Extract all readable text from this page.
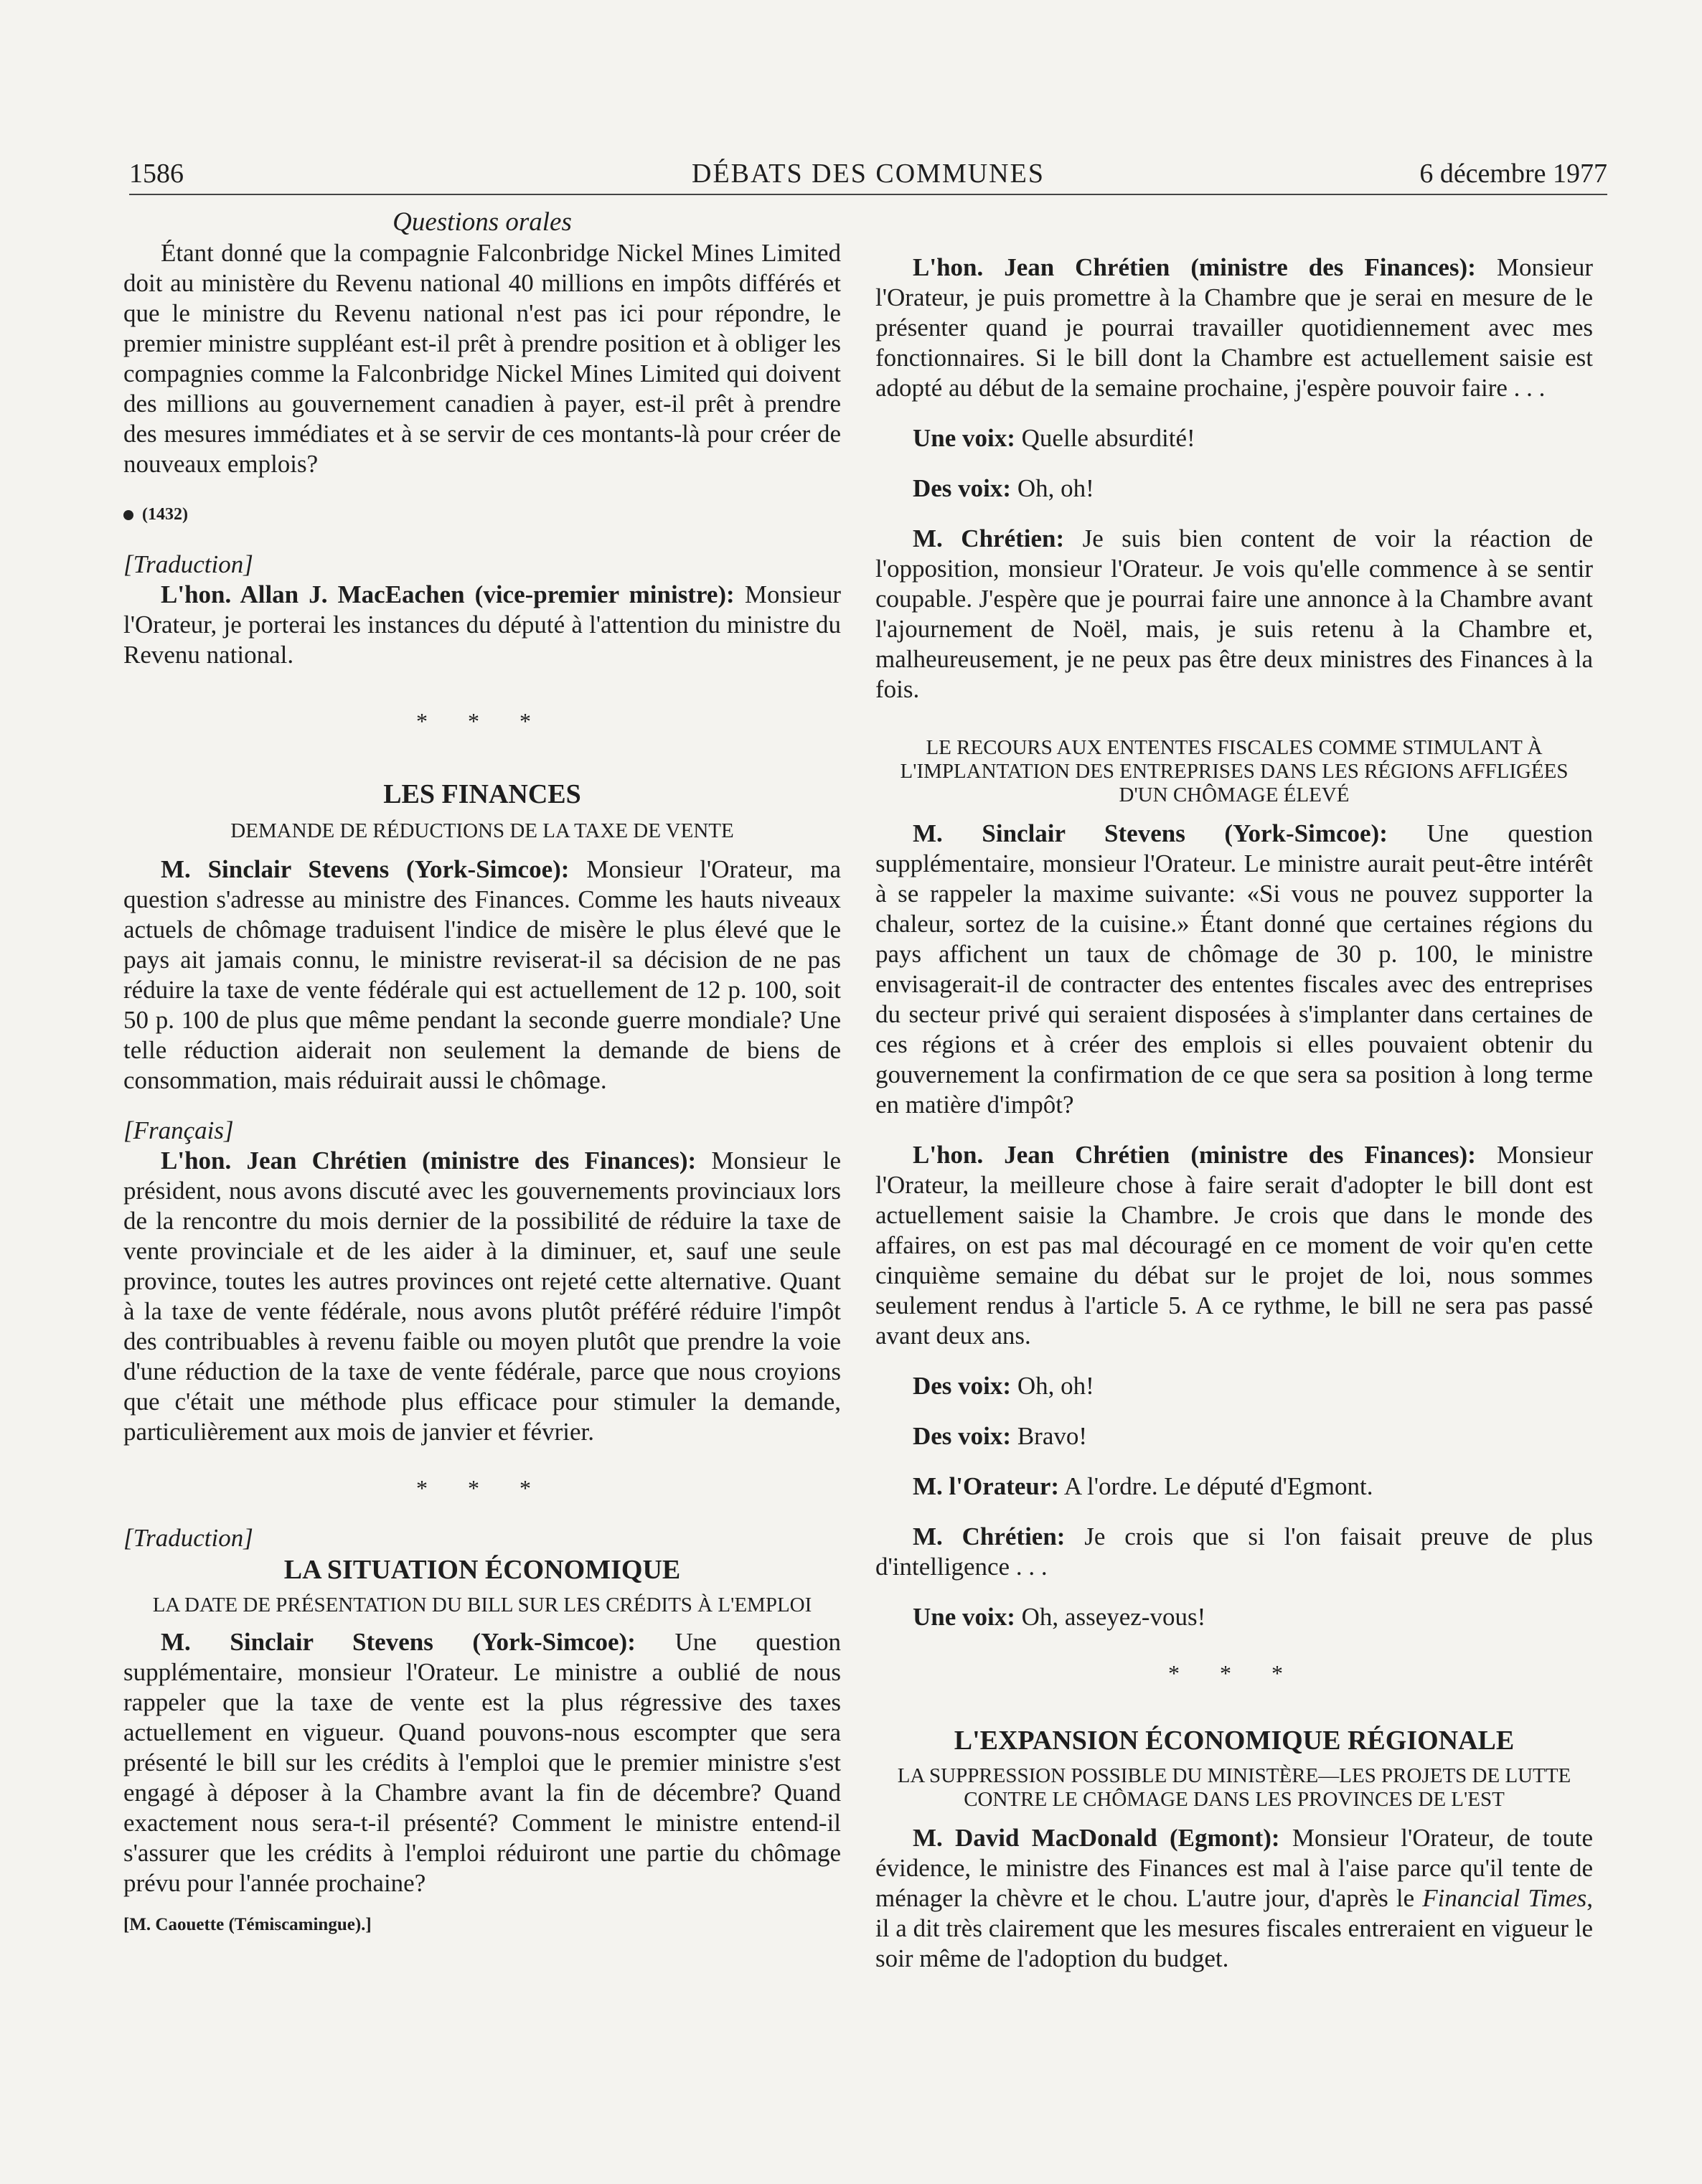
1586	DÉBATS DES COMMUNES	6 décembre 1977

Questions orales

Étant donné que la compagnie Falconbridge Nickel Mines Limited doit au ministère du Revenu national 40 millions en impôts différés et que le ministre du Revenu national n'est pas ici pour répondre, le premier ministre suppléant est-il prêt à prendre position et à obliger les compagnies comme la Falconbridge Nickel Mines Limited qui doivent des millions au gouvernement canadien à payer, est-il prêt à prendre des mesures immédiates et à se servir de ces montants-là pour créer de nouveaux emplois?

(1432)

[Traduction]

L'hon. Allan J. MacEachen (vice-premier ministre): Monsieur l'Orateur, je porterai les instances du député à l'attention du ministre du Revenu national.

* * *

LES FINANCES

DEMANDE DE RÉDUCTIONS DE LA TAXE DE VENTE

M. Sinclair Stevens (York-Simcoe): Monsieur l'Orateur, ma question s'adresse au ministre des Finances. Comme les hauts niveaux actuels de chômage traduisent l'indice de misère le plus élevé que le pays ait jamais connu, le ministre reviserat-il sa décision de ne pas réduire la taxe de vente fédérale qui est actuellement de 12 p. 100, soit 50 p. 100 de plus que même pendant la seconde guerre mondiale? Une telle réduction aiderait non seulement la demande de biens de consommation, mais réduirait aussi le chômage.

[Français]

L'hon. Jean Chrétien (ministre des Finances): Monsieur le président, nous avons discuté avec les gouvernements provinciaux lors de la rencontre du mois dernier de la possibilité de réduire la taxe de vente provinciale et de les aider à la diminuer, et, sauf une seule province, toutes les autres provinces ont rejeté cette alternative. Quant à la taxe de vente fédérale, nous avons plutôt préféré réduire l'impôt des contribuables à revenu faible ou moyen plutôt que prendre la voie d'une réduction de la taxe de vente fédérale, parce que nous croyions que c'était une méthode plus efficace pour stimuler la demande, particulièrement aux mois de janvier et février.

* * *

[Traduction]

LA SITUATION ÉCONOMIQUE

LA DATE DE PRÉSENTATION DU BILL SUR LES CRÉDITS À L'EMPLOI

M. Sinclair Stevens (York-Simcoe): Une question supplémentaire, monsieur l'Orateur. Le ministre a oublié de nous rappeler que la taxe de vente est la plus régressive des taxes actuellement en vigueur. Quand pouvons-nous escompter que sera présenté le bill sur les crédits à l'emploi que le premier ministre s'est engagé à déposer à la Chambre avant la fin de décembre? Quand exactement nous sera-t-il présenté? Comment le ministre entend-il s'assurer que les crédits à l'emploi réduiront une partie du chômage prévu pour l'année prochaine?

[M. Caouette (Témiscamingue).]

L'hon. Jean Chrétien (ministre des Finances): Monsieur l'Orateur, je puis promettre à la Chambre que je serai en mesure de le présenter quand je pourrai travailler quotidiennement avec mes fonctionnaires. Si le bill dont la Chambre est actuellement saisie est adopté au début de la semaine prochaine, j'espère pouvoir faire . . .

Une voix: Quelle absurdité!

Des voix: Oh, oh!

M. Chrétien: Je suis bien content de voir la réaction de l'opposition, monsieur l'Orateur. Je vois qu'elle commence à se sentir coupable. J'espère que je pourrai faire une annonce à la Chambre avant l'ajournement de Noël, mais, je suis retenu à la Chambre et, malheureusement, je ne peux pas être deux ministres des Finances à la fois.

LE RECOURS AUX ENTENTES FISCALES COMME STIMULANT À L'IMPLANTATION DES ENTREPRISES DANS LES RÉGIONS AFFLIGÉES D'UN CHÔMAGE ÉLEVÉ

M. Sinclair Stevens (York-Simcoe): Une question supplémentaire, monsieur l'Orateur. Le ministre aurait peut-être intérêt à se rappeler la maxime suivante: «Si vous ne pouvez supporter la chaleur, sortez de la cuisine.» Étant donné que certaines régions du pays affichent un taux de chômage de 30 p. 100, le ministre envisagerait-il de contracter des ententes fiscales avec des entreprises du secteur privé qui seraient disposées à s'implanter dans certaines de ces régions et à créer des emplois si elles pouvaient obtenir du gouvernement la confirmation de ce que sera sa position à long terme en matière d'impôt?

L'hon. Jean Chrétien (ministre des Finances): Monsieur l'Orateur, la meilleure chose à faire serait d'adopter le bill dont est actuellement saisie la Chambre. Je crois que dans le monde des affaires, on est pas mal découragé en ce moment de voir qu'en cette cinquième semaine du débat sur le projet de loi, nous sommes seulement rendus à l'article 5. A ce rythme, le bill ne sera pas passé avant deux ans.

Des voix: Oh, oh!

Des voix: Bravo!

M. l'Orateur: A l'ordre. Le député d'Egmont.

M. Chrétien: Je crois que si l'on faisait preuve de plus d'intelligence . . .

Une voix: Oh, asseyez-vous!

* * *

L'EXPANSION ÉCONOMIQUE RÉGIONALE

LA SUPPRESSION POSSIBLE DU MINISTÈRE—LES PROJETS DE LUTTE CONTRE LE CHÔMAGE DANS LES PROVINCES DE L'EST

M. David MacDonald (Egmont): Monsieur l'Orateur, de toute évidence, le ministre des Finances est mal à l'aise parce qu'il tente de ménager la chèvre et le chou. L'autre jour, d'après le Financial Times, il a dit très clairement que les mesures fiscales entreraient en vigueur le soir même de l'adoption du budget.
